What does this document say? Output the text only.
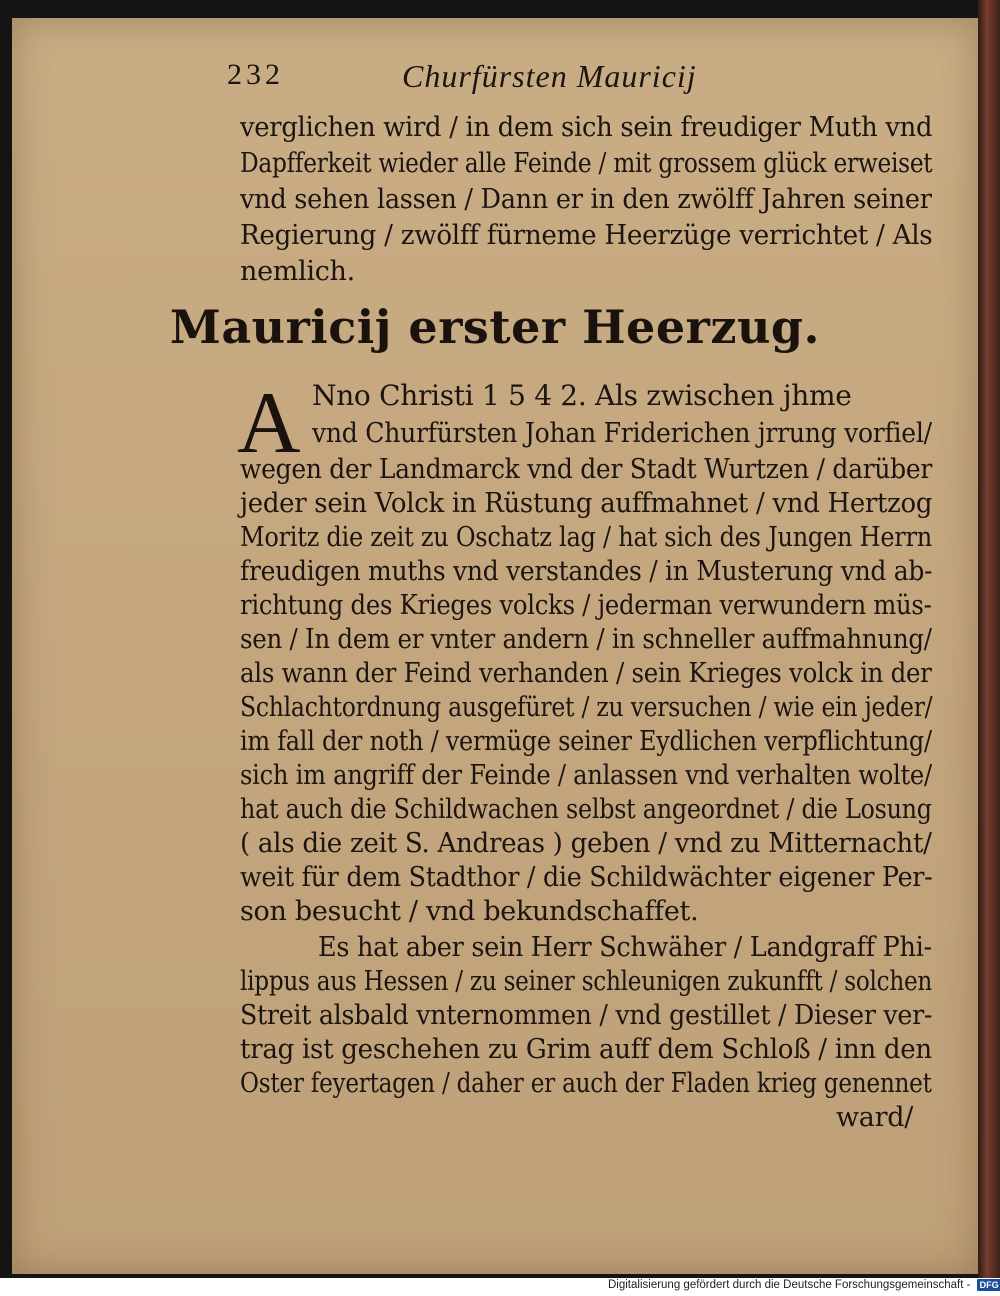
232	Churfürsten Mauricij
verglichen wird / in dem sich sein freudiger Muth vnd
Dapfferkeit wieder alle Feinde / mit grossem glück erweiset
vnd sehen lassen / Dann er in den zwölff Jahren seiner
Regierung / zwölff fürneme Heerzüge verrichtet / Als
nemlich.
Mauricij erster Heerzug.
A Nno Christi 1 5 4 2. Als zwischen jhme
vnd Churfürsten Johan Friderichen jrrung vorfiel/
wegen der Landmarck vnd der Stadt Wurtzen / darüber
jeder sein Volck in Rüstung auffmahnet / vnd Hertzog
Moritz die zeit zu Oschatz lag / hat sich des Jungen Herrn
freudigen muths vnd verstandes / in Musterung vnd ab-
richtung des Krieges volcks / jederman verwundern müs-
sen / In dem er vnter andern / in schneller auffmahnung/
als wann der Feind verhanden / sein Krieges volck in der
Schlachtordnung ausgefüret / zu versuchen / wie ein jeder/
im fall der noth / vermüge seiner Eydlichen verpflichtung/
sich im angriff der Feinde / anlassen vnd verhalten wolte/
hat auch die Schildwachen selbst angeordnet / die Losung
( als die zeit S. Andreas ) geben / vnd zu Mitternacht/
weit für dem Stadthor / die Schildwächter eigener Per-
son besucht / vnd bekundschaffet.
Es hat aber sein Herr Schwäher / Landgraff Phi-
lippus aus Hessen / zu seiner schleunigen zukunfft / solchen
Streit alsbald vnternommen / vnd gestillet / Dieser ver-
trag ist geschehen zu Grim auff dem Schloß / inn den
Oster feyertagen / daher er auch der Fladen krieg genennet
ward/
Digitalisierung gefördert durch die Deutsche Forschungsgemeinschaft - DFG
